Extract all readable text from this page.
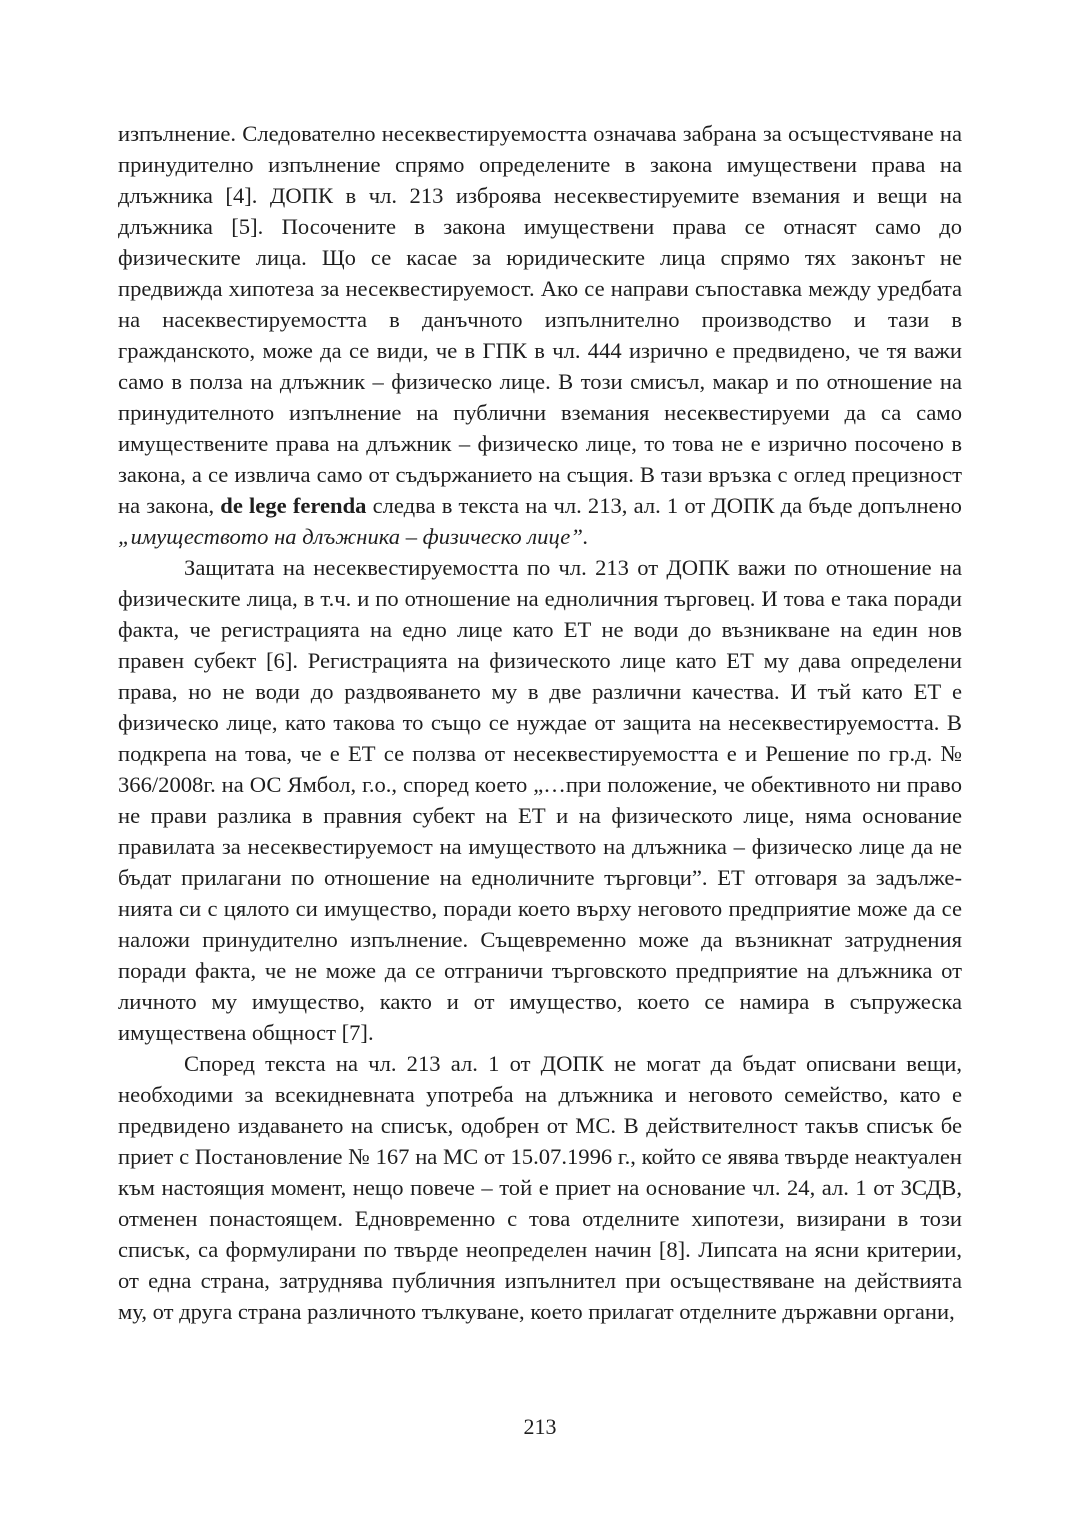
изпълнение. Следователно несеквестируемостта означава забрана за осъщестvяване на принудително изпълнение спрямо определените в закона имуществени права на длъжника [4]. ДОПК в чл. 213 изброява несеквестируемите вземания и вещи на длъжника [5]. Посочените в закона имуществени права се отнасят само до физическите лица. Що се касае за юридическите лица спрямо тях законът не предвижда хипотеза за несеквестируемост. Ако се направи съпоставка между уредбата на насеквестируемостта в данъчното изпълнително производство и тази в гражданското, може да се види, че в ГПК в чл. 444 изрично е предвидено, че тя важи само в полза на длъжник – физическо лице. В този смисъл, макар и по отношение на принудителното изпълнение на публични вземания несеквестируеми да са само имуществените права на длъжник – физическо лице, то това не е изрично посочено в закона, а се извлича само от съдържанието на същия. В тази връзка с оглед прецизност на закона, de lege ferenda следва в текста на чл. 213, ал. 1 от ДОПК да бъде допълнено „имуществото на длъжника – физическо лице”.

Защитата на несеквестируемостта по чл. 213 от ДОПК важи по отношение на физическите лица, в т.ч. и по отношение на едноличния търговец. И това е така поради факта, че регистрацията на едно лице като ЕТ не води до възникване на един нов правен субект [6]. Регистрацията на физическото лице като ЕТ му дава определени права, но не води до раздвояването му в две различни качества. И тъй като ЕТ е физическо лице, като такова то също се нуждае от защита на несеквестируемостта. В подкрепа на това, че е ЕТ се ползва от несеквестируемостта е и Решение по гр.д. № 366/2008г. на ОС Ямбол, г.о., според което „…при положение, че обективното ни право не прави разлика в правния субект на ЕТ и на физическото лице, няма основание правилата за несеквестируемост на имуществото на длъжника – физическо лице да не бъдат прилагани по отношение на едноличните търговци”. ЕТ отговаря за задълженията си с цялото си имущество, поради което върху неговото предприятие може да се наложи принудително изпълнение. Същевременно може да възникнат затруднения поради факта, че не може да се отграничи търговското предприятие на длъжника от личното му имущество, както и от имущество, което се намира в съпружеска имуществена общност [7].

Според текста на чл. 213 ал. 1 от ДОПК не могат да бъдат описвани вещи, необходими за всекидневната употреба на длъжника и неговото семейство, като е предвидено издаването на списък, одобрен от МС. В действителност такъв списък бе приет с Постановление № 167 на МС от 15.07.1996 г., който се явява твърде неактуален към настоящия момент, нещо повече – той е приет на основание чл. 24, ал. 1 от ЗСДВ, отменен понастоящем. Едновременно с това отделните хипотези, визирани в този списък, са формулирани по твърде неопределен начин [8]. Липсата на ясни критерии, от една страна, затруднява публичния изпълнител при осъществяване на действията му, от друга страна различното тълкуване, което прилагат отделните държавни органи,

213
